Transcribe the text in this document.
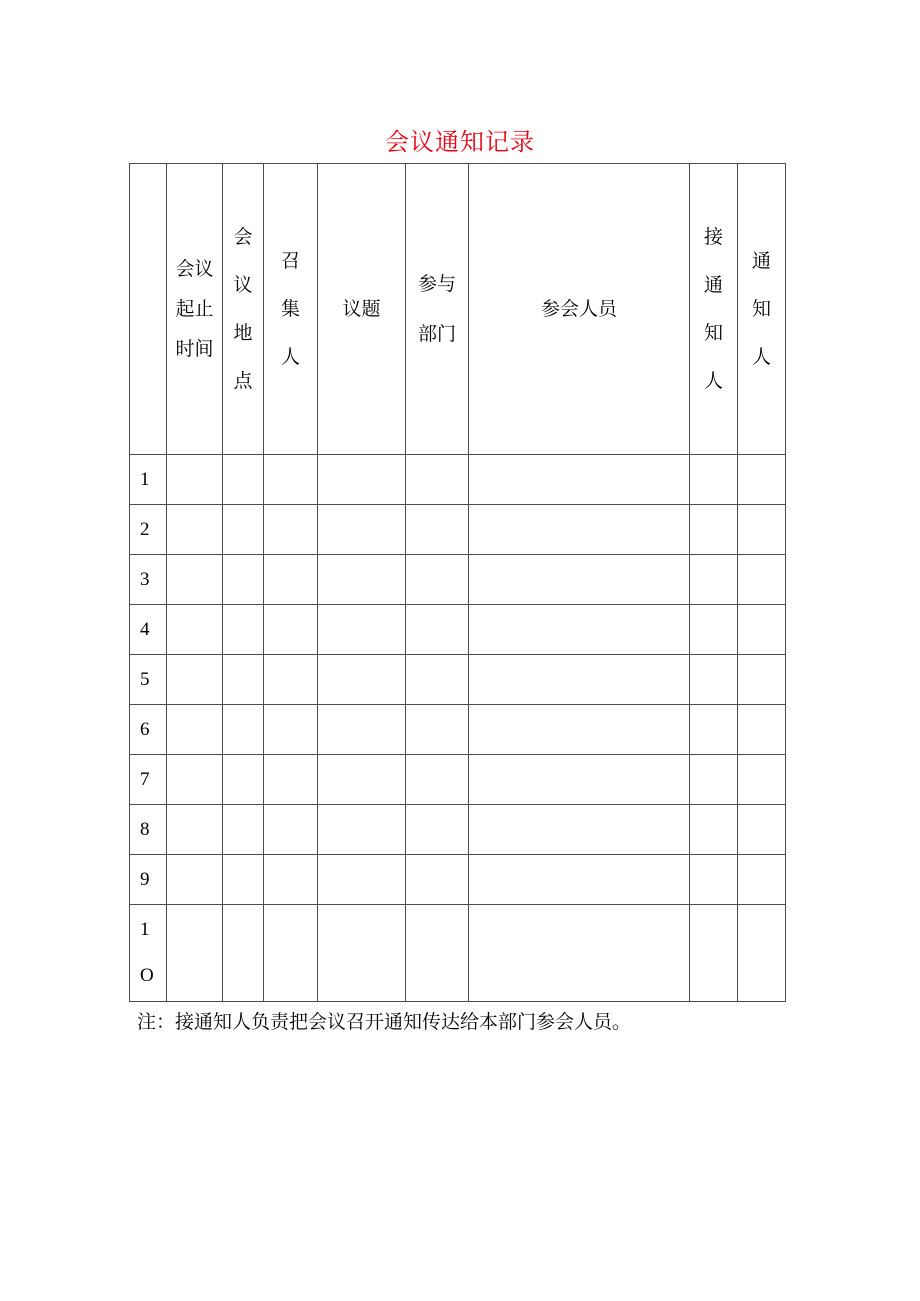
会议通知记录
	会议起止时间	会议地点	召集人	议题	参与部门	参会人员	接通知人	通知人
1								
2								
3								
4								
5								
6								
7								
8								
9								
1O								
注：接通知人负责把会议召开通知传达给本部门参会人员。
